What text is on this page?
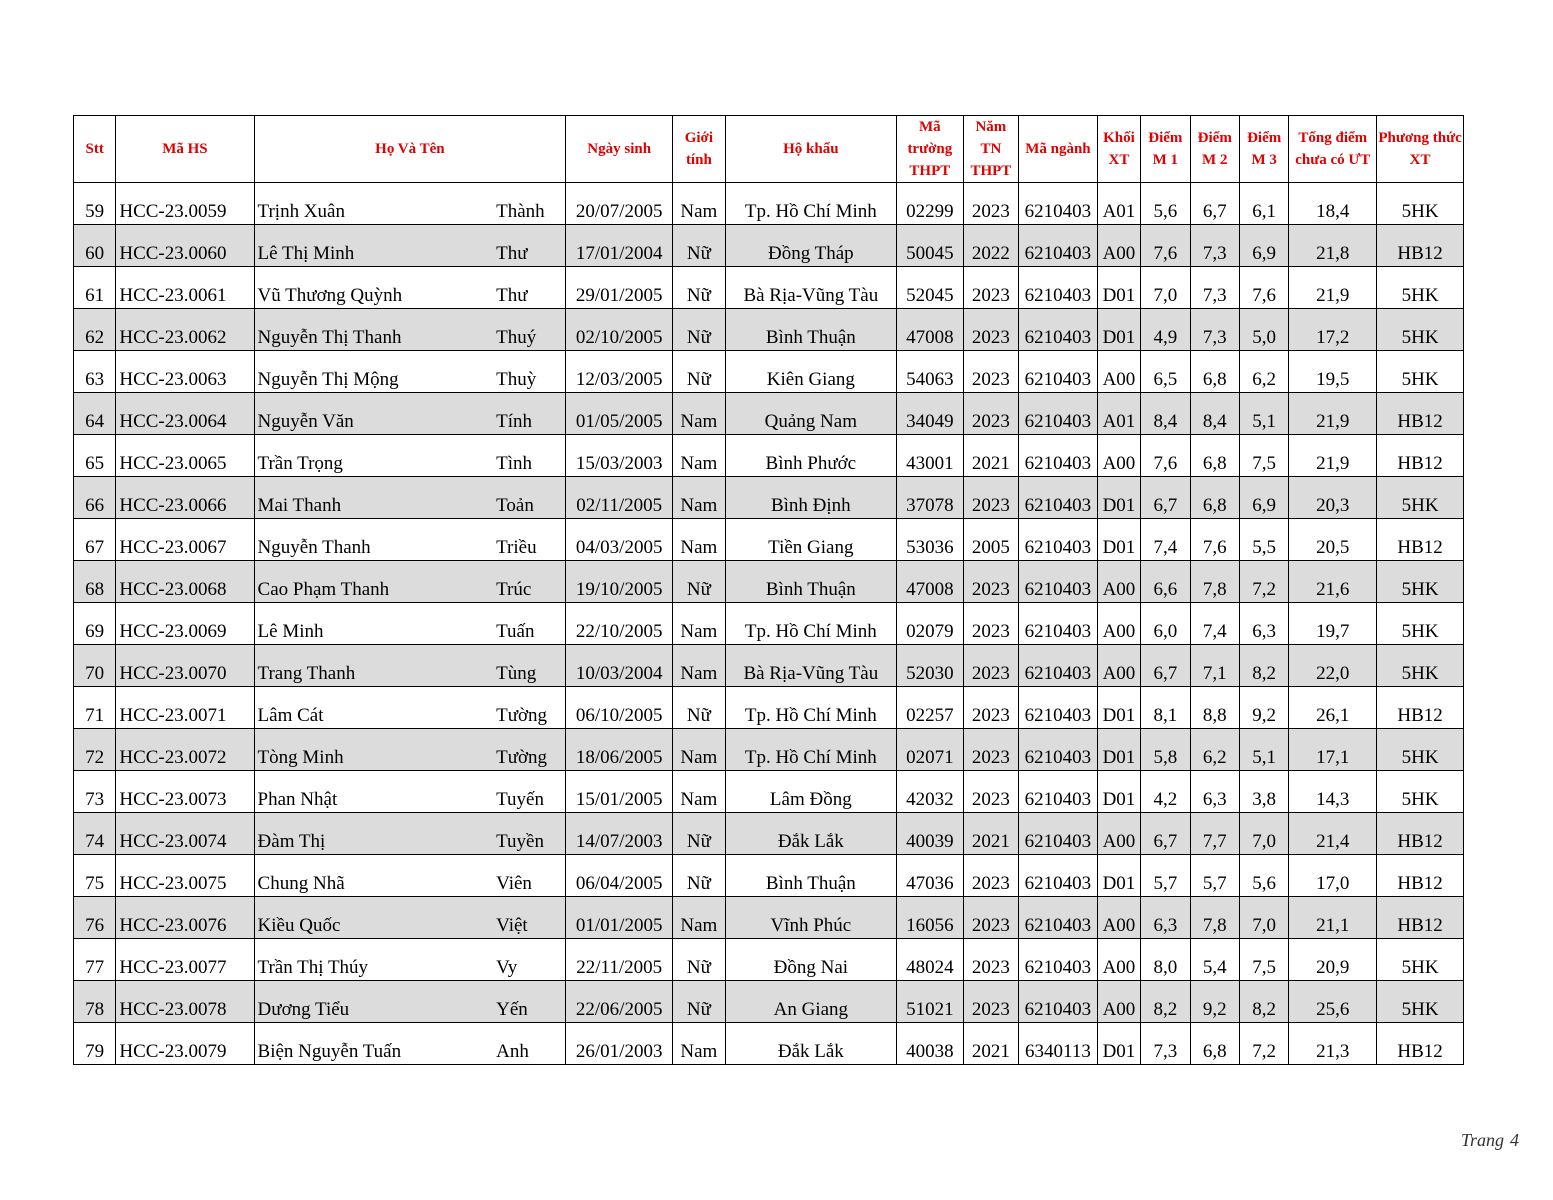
Stt	Mã HS	Họ Và Tên		Ngày sinh	Giới tính	Hộ khẩu	Mã trường THPT	Năm TN THPT	Mã ngành	Khối XT	Điểm M 1	Điểm M 2	Điểm M 3	Tổng điểm chưa có ƯT	Phương thức XT
59	HCC-23.0059	Trịnh Xuân	Thành	20/07/2005	Nam	Tp. Hồ Chí Minh	02299	2023	6210403	A01	5,6	6,7	6,1	18,4	5HK
60	HCC-23.0060	Lê Thị Minh	Thư	17/01/2004	Nữ	Đồng Tháp	50045	2022	6210403	A00	7,6	7,3	6,9	21,8	HB12
61	HCC-23.0061	Vũ Thương Quỳnh	Thư	29/01/2005	Nữ	Bà Rịa-Vũng Tàu	52045	2023	6210403	D01	7,0	7,3	7,6	21,9	5HK
62	HCC-23.0062	Nguyễn Thị Thanh	Thuý	02/10/2005	Nữ	Bình Thuận	47008	2023	6210403	D01	4,9	7,3	5,0	17,2	5HK
63	HCC-23.0063	Nguyễn Thị Mộng	Thuỳ	12/03/2005	Nữ	Kiên Giang	54063	2023	6210403	A00	6,5	6,8	6,2	19,5	5HK
64	HCC-23.0064	Nguyễn Văn	Tính	01/05/2005	Nam	Quảng Nam	34049	2023	6210403	A01	8,4	8,4	5,1	21,9	HB12
65	HCC-23.0065	Trần Trọng	Tình	15/03/2003	Nam	Bình Phước	43001	2021	6210403	A00	7,6	6,8	7,5	21,9	HB12
66	HCC-23.0066	Mai Thanh	Toản	02/11/2005	Nam	Bình Định	37078	2023	6210403	D01	6,7	6,8	6,9	20,3	5HK
67	HCC-23.0067	Nguyễn Thanh	Triều	04/03/2005	Nam	Tiền Giang	53036	2005	6210403	D01	7,4	7,6	5,5	20,5	HB12
68	HCC-23.0068	Cao Phạm Thanh	Trúc	19/10/2005	Nữ	Bình Thuận	47008	2023	6210403	A00	6,6	7,8	7,2	21,6	5HK
69	HCC-23.0069	Lê Minh	Tuấn	22/10/2005	Nam	Tp. Hồ Chí Minh	02079	2023	6210403	A00	6,0	7,4	6,3	19,7	5HK
70	HCC-23.0070	Trang Thanh	Tùng	10/03/2004	Nam	Bà Rịa-Vũng Tàu	52030	2023	6210403	A00	6,7	7,1	8,2	22,0	5HK
71	HCC-23.0071	Lâm Cát	Tường	06/10/2005	Nữ	Tp. Hồ Chí Minh	02257	2023	6210403	D01	8,1	8,8	9,2	26,1	HB12
72	HCC-23.0072	Tòng Minh	Tường	18/06/2005	Nam	Tp. Hồ Chí Minh	02071	2023	6210403	D01	5,8	6,2	5,1	17,1	5HK
73	HCC-23.0073	Phan Nhật	Tuyến	15/01/2005	Nam	Lâm Đồng	42032	2023	6210403	D01	4,2	6,3	3,8	14,3	5HK
74	HCC-23.0074	Đàm Thị	Tuyền	14/07/2003	Nữ	Đắk Lắk	40039	2021	6210403	A00	6,7	7,7	7,0	21,4	HB12
75	HCC-23.0075	Chung Nhã	Viên	06/04/2005	Nữ	Bình Thuận	47036	2023	6210403	D01	5,7	5,7	5,6	17,0	HB12
76	HCC-23.0076	Kiều Quốc	Việt	01/01/2005	Nam	Vĩnh Phúc	16056	2023	6210403	A00	6,3	7,8	7,0	21,1	HB12
77	HCC-23.0077	Trần Thị Thúy	Vy	22/11/2005	Nữ	Đồng Nai	48024	2023	6210403	A00	8,0	5,4	7,5	20,9	5HK
78	HCC-23.0078	Dương Tiểu	Yến	22/06/2005	Nữ	An Giang	51021	2023	6210403	A00	8,2	9,2	8,2	25,6	5HK
79	HCC-23.0079	Biện Nguyễn Tuấn	Anh	26/01/2003	Nam	Đắk Lắk	40038	2021	6340113	D01	7,3	6,8	7,2	21,3	HB12
Trang 4
